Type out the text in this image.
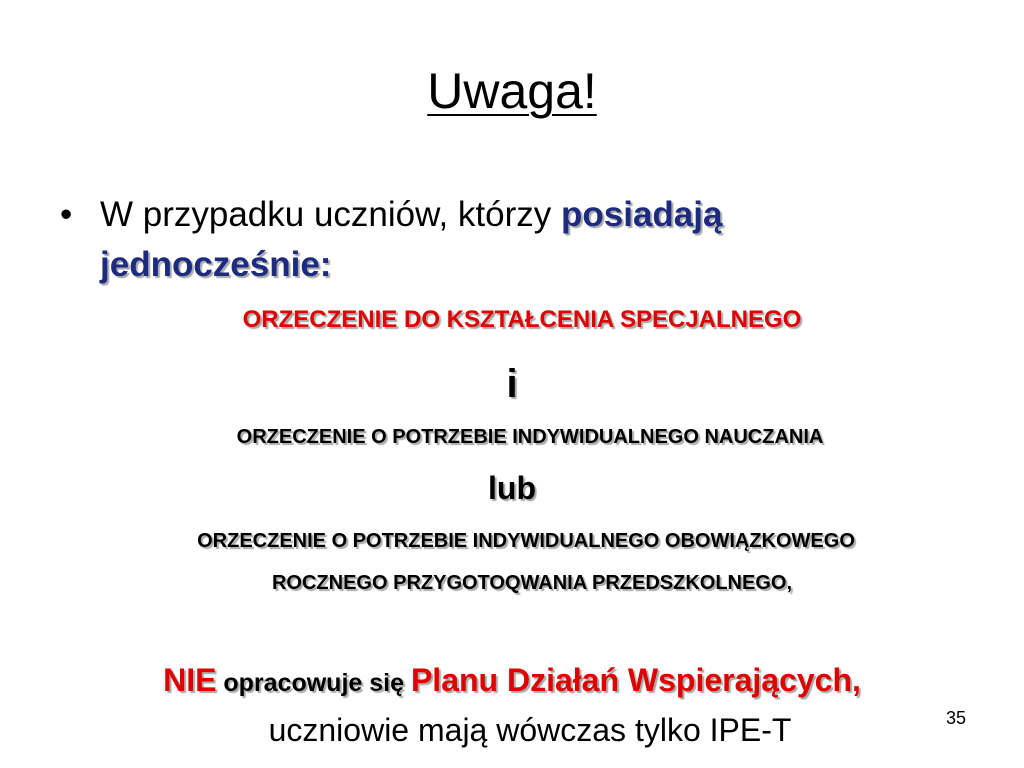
Uwaga!
• W przypadku uczniów, którzy posiadają
jednocześnie:
ORZECZENIE DO KSZTAŁCENIA SPECJALNEGO
i
ORZECZENIE O POTRZEBIE INDYWIDUALNEGO NAUCZANIA
lub
ORZECZENIE O POTRZEBIE INDYWIDUALNEGO OBOWIĄZKOWEGO
ROCZNEGO PRZYGOTOQWANIA PRZEDSZKOLNEGO,
NIE opracowuje się Planu Działań Wspierających,
uczniowie mają wówczas tylko IPE-T	35
